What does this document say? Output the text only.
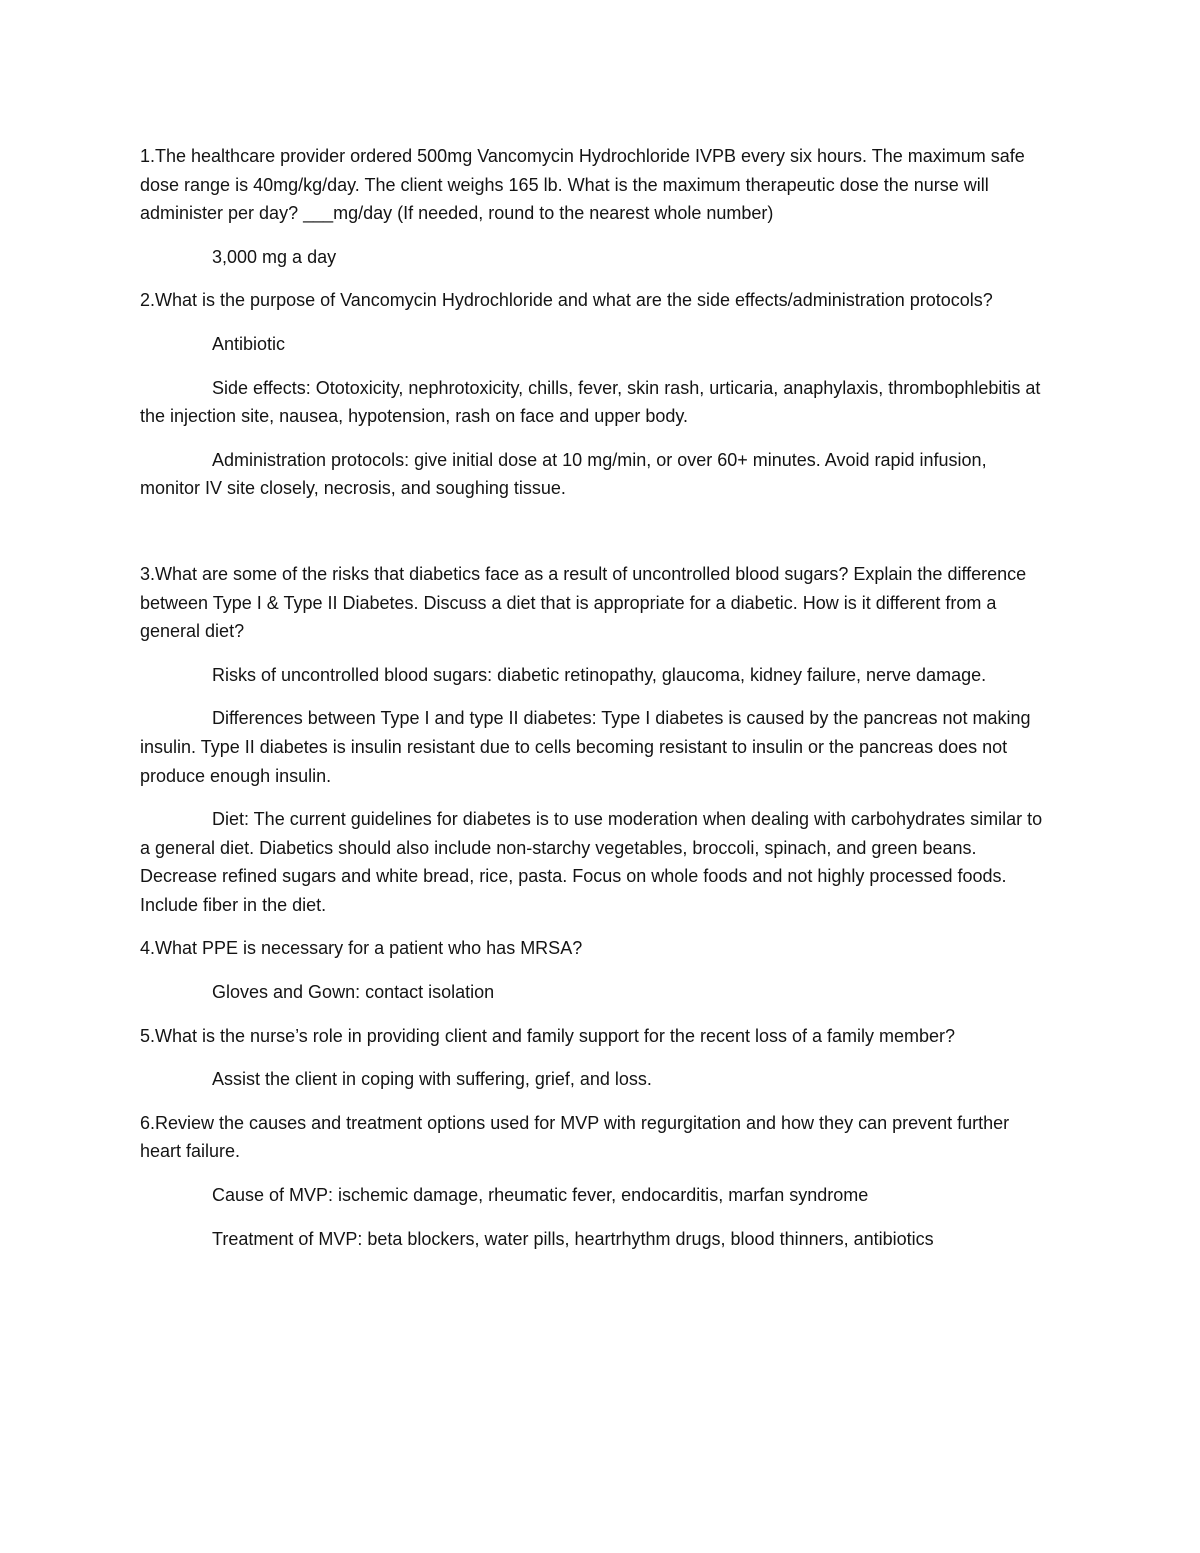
1.The healthcare provider ordered 500mg Vancomycin Hydrochloride IVPB every six hours. The maximum safe dose range is 40mg/kg/day. The client weighs 165 lb. What is the maximum therapeutic dose the nurse will administer per day? ___mg/day (If needed, round to the nearest whole number)

3,000 mg a day

2.What is the purpose of Vancomycin Hydrochloride and what are the side effects/administration protocols?

Antibiotic

Side effects: Ototoxicity, nephrotoxicity, chills, fever, skin rash, urticaria, anaphylaxis, thrombophlebitis at the injection site, nausea, hypotension, rash on face and upper body.

Administration protocols: give initial dose at 10 mg/min, or over 60+ minutes. Avoid rapid infusion, monitor IV site closely, necrosis, and soughing tissue.

3.What are some of the risks that diabetics face as a result of uncontrolled blood sugars? Explain the difference between Type I & Type II Diabetes. Discuss a diet that is appropriate for a diabetic. How is it different from a general diet?

Risks of uncontrolled blood sugars: diabetic retinopathy, glaucoma, kidney failure, nerve damage.

Differences between Type I and type II diabetes: Type I diabetes is caused by the pancreas not making insulin. Type II diabetes is insulin resistant due to cells becoming resistant to insulin or the pancreas does not produce enough insulin.

Diet: The current guidelines for diabetes is to use moderation when dealing with carbohydrates similar to a general diet. Diabetics should also include non-starchy vegetables, broccoli, spinach, and green beans. Decrease refined sugars and white bread, rice, pasta. Focus on whole foods and not highly processed foods. Include fiber in the diet.

4.What PPE is necessary for a patient who has MRSA?

Gloves and Gown: contact isolation

5.What is the nurse’s role in providing client and family support for the recent loss of a family member?

Assist the client in coping with suffering, grief, and loss.

6.Review the causes and treatment options used for MVP with regurgitation and how they can prevent further heart failure.

Cause of MVP: ischemic damage, rheumatic fever, endocarditis, marfan syndrome

Treatment of MVP: beta blockers, water pills, heartrhythm drugs, blood thinners, antibiotics
